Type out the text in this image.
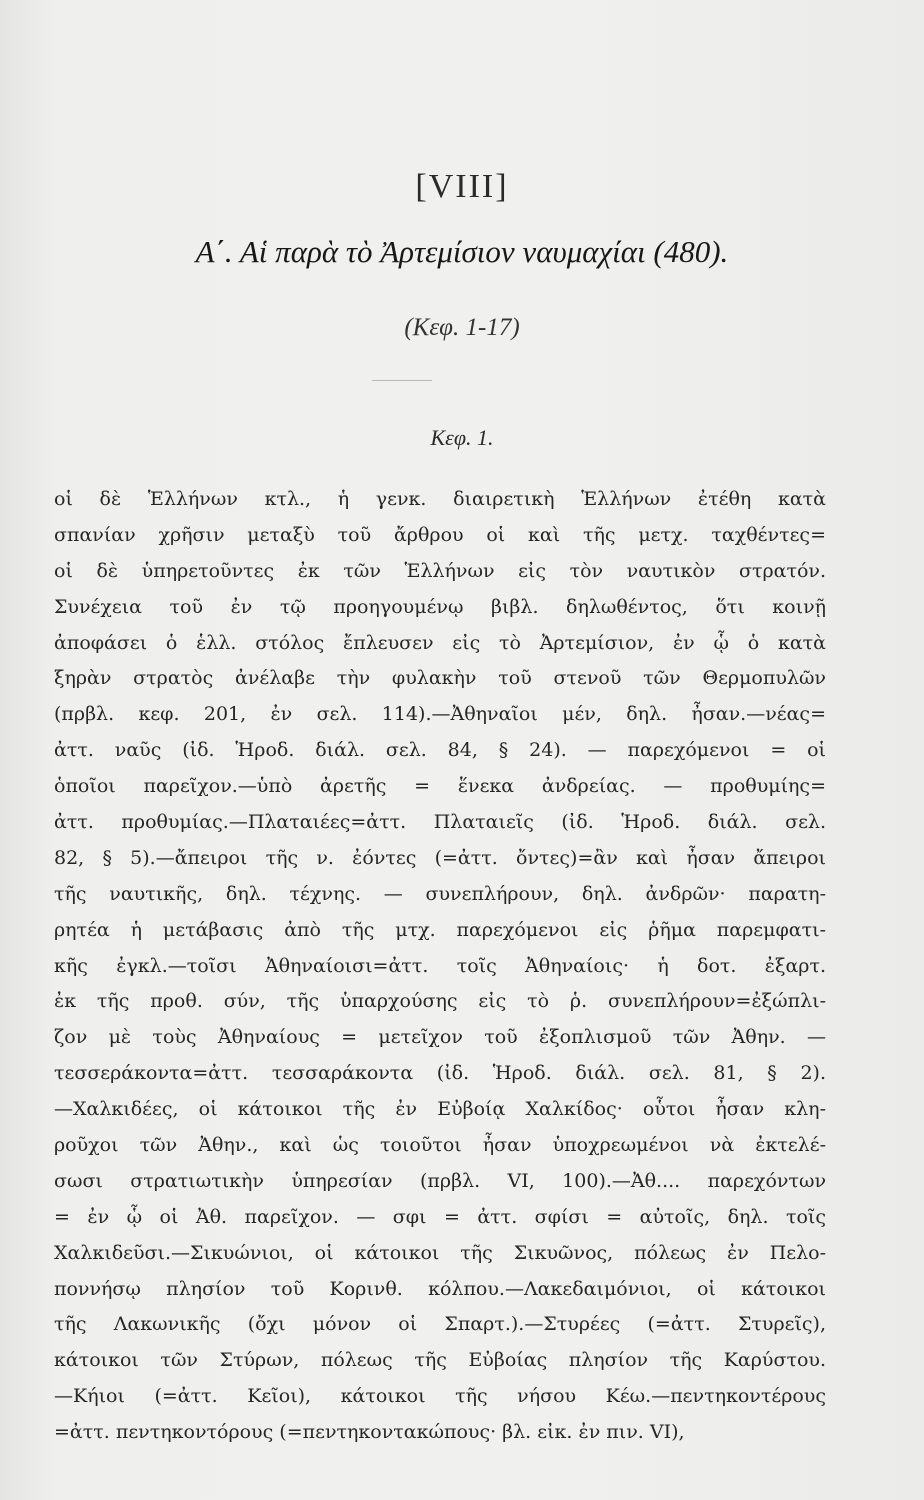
[VIII]
Α΄. Αἱ παρὰ τὸ Ἀρτεμίσιον ναυμαχίαι (480).
(Κεφ. 1-17)
Κεφ. 1.
οἱ δὲ Ἑλλήνων κτλ., ἡ γενκ. διαιρετικὴ Ἑλλήνων ἐτέθη κατὰ
σπανίαν χρῆσιν μεταξὺ τοῦ ἄρθρου οἱ καὶ τῆς μετχ. ταχθέντες=
οἱ δὲ ὑπηρετοῦντες ἐκ τῶν Ἑλλήνων εἰς τὸν ναυτικὸν στρατόν.
Συνέχεια τοῦ ἐν τῷ προηγουμένῳ βιβλ. δηλωθέντος, ὅτι κοινῇ
ἀποφάσει ὁ ἑλλ. στόλος ἔπλευσεν εἰς τὸ Ἀρτεμίσιον, ἐν ᾧ ὁ κατὰ
ξηρὰν στρατὸς ἀνέλαβε τὴν φυλακὴν τοῦ στενοῦ τῶν Θερμοπυλῶν
(πρβλ. κεφ. 201, ἐν σελ. 114).—Ἀθηναῖοι μέν, δηλ. ἦσαν.—νέας=
ἀττ. ναῦς (ἰδ. Ἡροδ. διάλ. σελ. 84, § 24). — παρεχόμενοι = οἱ
ὁποῖοι παρεῖχον.—ὑπὸ ἀρετῆς = ἕνεκα ἀνδρείας. — προθυμίης=
ἀττ. προθυμίας.—Πλαταιέες=ἀττ. Πλαταιεῖς (ἰδ. Ἡροδ. διάλ. σελ.
82, § 5).—ἄπειροι τῆς ν. ἐόντες (=ἀττ. ὄντες)=ἂν καὶ ἦσαν ἄπειροι
τῆς ναυτικῆς, δηλ. τέχνης. — συνεπλήρουν, δηλ. ἀνδρῶν· παρατη-
ρητέα ἡ μετάβασις ἀπὸ τῆς μτχ. παρεχόμενοι εἰς ῥῆμα παρεμφατι-
κῆς ἐγκλ.—τοῖσι Ἀθηναίοισι=ἀττ. τοῖς Ἀθηναίοις· ἡ δοτ. ἐξαρτ.
ἐκ τῆς προθ. σύν, τῆς ὑπαρχούσης εἰς τὸ ῥ. συνεπλήρουν=ἐξώπλι-
ζον μὲ τοὺς Ἀθηναίους = μετεῖχον τοῦ ἐξοπλισμοῦ τῶν Ἀθην. —
τεσσεράκοντα=ἀττ. τεσσαράκοντα (ἰδ. Ἡροδ. διάλ. σελ. 81, § 2).
—Χαλκιδέες, οἱ κάτοικοι τῆς ἐν Εὐβοίᾳ Χαλκίδος· οὗτοι ἦσαν κλη-
ροῦχοι τῶν Ἀθην., καὶ ὡς τοιοῦτοι ἦσαν ὑποχρεωμένοι νὰ ἐκτελέ-
σωσι στρατιωτικὴν ὑπηρεσίαν (πρβλ. VI, 100).—Ἀθ.... παρεχόντων
= ἐν ᾧ οἱ Ἀθ. παρεῖχον. — σφι = ἀττ. σφίσι = αὐτοῖς, δηλ. τοῖς
Χαλκιδεῦσι.—Σικυώνιοι, οἱ κάτοικοι τῆς Σικυῶνος, πόλεως ἐν Πελο-
ποννήσῳ πλησίον τοῦ Κορινθ. κόλπου.—Λακεδαιμόνιοι, οἱ κάτοικοι
τῆς Λακωνικῆς (ὄχι μόνον οἱ Σπαρτ.).—Στυρέες (=ἀττ. Στυρεῖς),
κάτοικοι τῶν Στύρων, πόλεως τῆς Εὐβοίας πλησίον τῆς Καρύστου.
—Κήιοι (=ἀττ. Κεῖοι), κάτοικοι τῆς νήσου Κέω.—πεντηκοντέρους
=ἀττ. πεντηκοντόρους (=πεντηκοντακώπους· βλ. εἰκ. ἐν πιν. VI),
